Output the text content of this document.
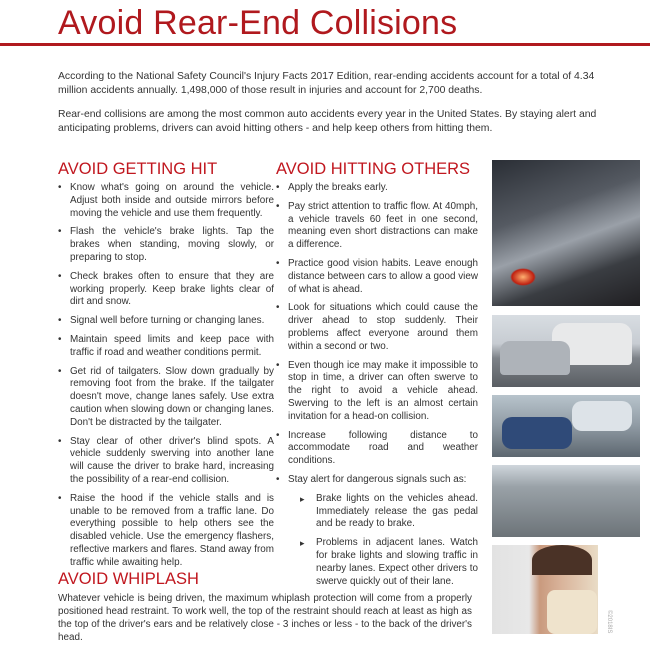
Avoid Rear-End Collisions

According to the National Safety Council's Injury Facts 2017 Edition, rear-ending accidents account for a total of 4.34 million accidents annually. 1,498,000 of those result in injuries and account for 2,700 deaths.

Rear-end collisions are among the most common auto accidents every year in the United States. By staying alert and anticipating problems, drivers can avoid hitting others - and help keep others from hitting them.

AVOID GETTING HIT
• Know what's going on around the vehicle. Adjust both inside and outside mirrors before moving the vehicle and use them frequently.
• Flash the vehicle's brake lights. Tap the brakes when standing, moving slowly, or preparing to stop.
• Check brakes often to ensure that they are working properly. Keep brake lights clear of dirt and snow.
• Signal well before turning or changing lanes.
• Maintain speed limits and keep pace with traffic if road and weather conditions permit.
• Get rid of tailgaters. Slow down gradually by removing foot from the brake. If the tailgater doesn't move, change lanes safely. Use extra caution when slowing down or changing lanes. Don't be distracted by the tailgater.
• Stay clear of other driver's blind spots. A vehicle suddenly swerving into another lane will cause the driver to brake hard, increasing the possibility of a rear-end collision.
• Raise the hood if the vehicle stalls and is unable to be removed from a traffic lane. Do everything possible to help others see the disabled vehicle. Use the emergency flashers, reflective markers and flares. Stand away from traffic while awaiting help.
AVOID HITTING OTHERS
• Apply the breaks early.
• Pay strict attention to traffic flow. At 40mph, a vehicle travels 60 feet in one second, meaning even short distractions can make a difference.
• Practice good vision habits. Leave enough distance between cars to allow a good view of what is ahead.
• Look for situations which could cause the driver ahead to stop suddenly. Their problems affect everyone around them within a second or two.
• Even though ice may make it impossible to stop in time, a driver can often swerve to the right to avoid a vehicle ahead. Swerving to the left is an almost certain invitation for a head-on collision.
• Increase following distance to accommodate road and weather conditions.
• Stay alert for dangerous signals such as:
▸ Brake lights on the vehicles ahead. Immediately release the gas pedal and be ready to brake.
▸ Problems in adjacent lanes. Watch for brake lights and slowing traffic in nearby lanes. Expect other drivers to swerve quickly out of their lane.
AVOID WHIPLASH

Whatever vehicle is being driven, the maximum whiplash protection will come from a properly positioned head restraint. To work well, the top of the restraint should reach at least as high as the top of the driver's ears and be relatively close - 3 inches or less - to the back of the driver's head.

©2018IS
